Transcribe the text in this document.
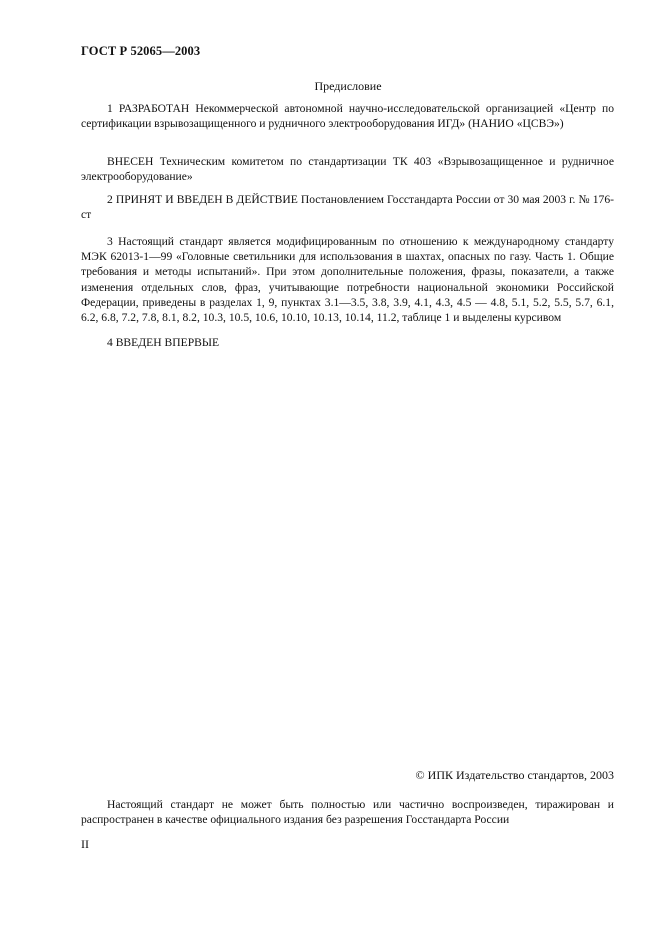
ГОСТ Р 52065—2003
Предисловие

1 РАЗРАБОТАН Некоммерческой автономной научно-исследовательской организацией «Центр по сертификации взрывозащищенного и рудничного электрооборудования ИГД» (НАНИО «ЦСВЭ»)

ВНЕСЕН Техническим комитетом по стандартизации ТК 403 «Взрывозащищенное и рудничное электрооборудование»

2 ПРИНЯТ И ВВЕДЕН В ДЕЙСТВИЕ Постановлением Госстандарта России от 30 мая 2003 г. № 176-ст

3 Настоящий стандарт является модифицированным по отношению к международному стандарту МЭК 62013-1—99 «Головные светильники для использования в шахтах, опасных по газу. Часть 1. Общие требования и методы испытаний». При этом дополнительные положения, фразы, показатели, а также изменения отдельных слов, фраз, учитывающие потребности национальной экономики Российской Федерации, приведены в разделах 1, 9, пунктах 3.1—3.5, 3.8, 3.9, 4.1, 4.3, 4.5 — 4.8, 5.1, 5.2, 5.5, 5.7, 6.1, 6.2, 6.8, 7.2, 7.8, 8.1, 8.2, 10.3, 10.5, 10.6, 10.10, 10.13, 10.14, 11.2, таблице 1 и выделены курсивом

4 ВВЕДЕН ВПЕРВЫЕ

© ИПК Издательство стандартов, 2003

Настоящий стандарт не может быть полностью или частично воспроизведен, тиражирован и распространен в качестве официального издания без разрешения Госстандарта России

II
